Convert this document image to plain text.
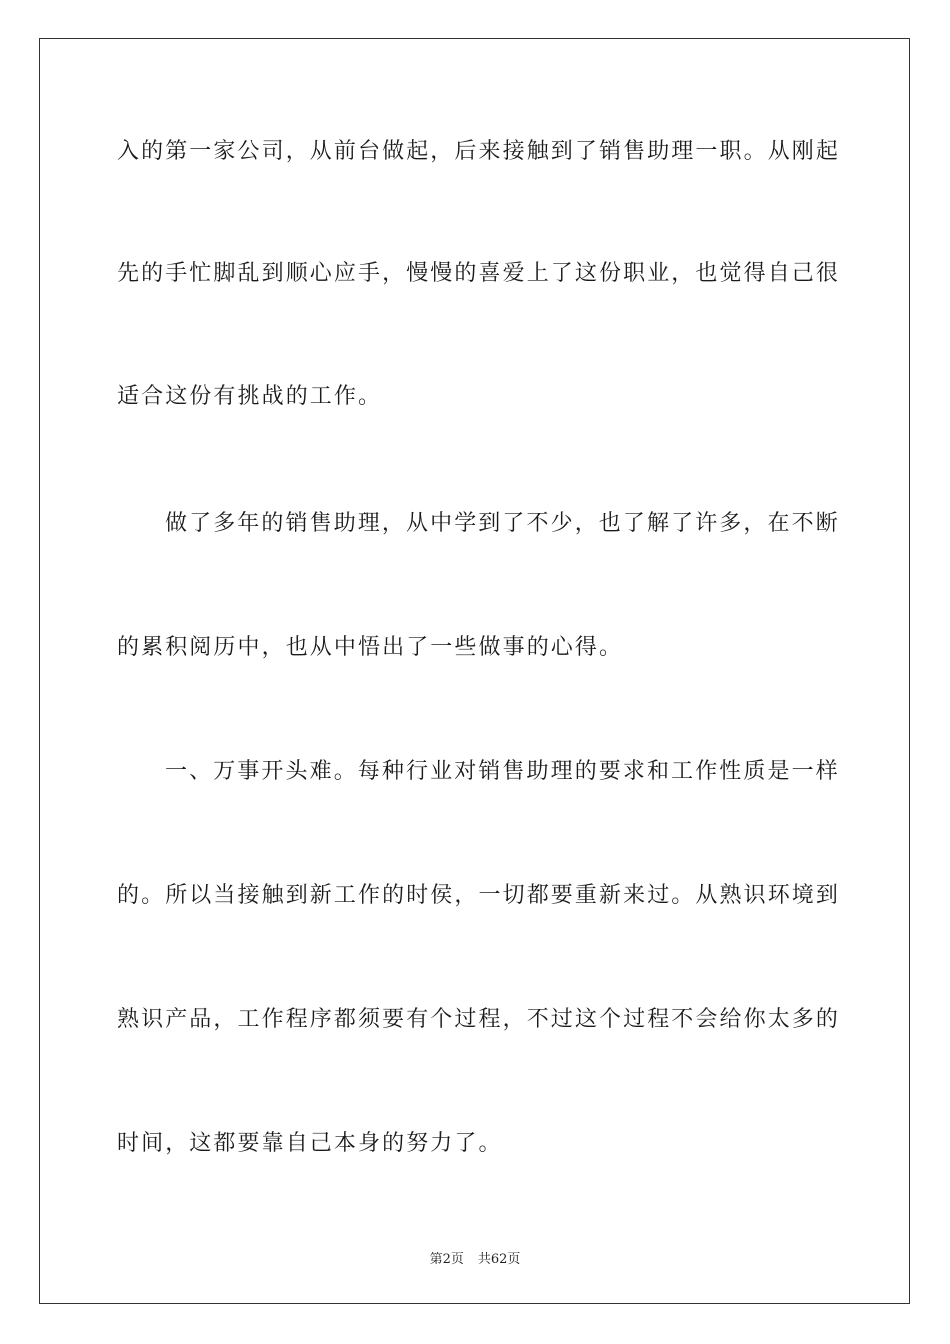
入的第一家公司，从前台做起，后来接触到了销售助理一职。从刚起
先的手忙脚乱到顺心应手，慢慢的喜爱上了这份职业，也觉得自己很
适合这份有挑战的工作。
做了多年的销售助理，从中学到了不少，也了解了许多，在不断
的累积阅历中，也从中悟出了一些做事的心得。
一、万事开头难。每种行业对销售助理的要求和工作性质是一样
的。所以当接触到新工作的时侯，一切都要重新来过。从熟识环境到
熟识产品，工作程序都须要有个过程，不过这个过程不会给你太多的
时间，这都要靠自己本身的努力了。
第2页 共62页
